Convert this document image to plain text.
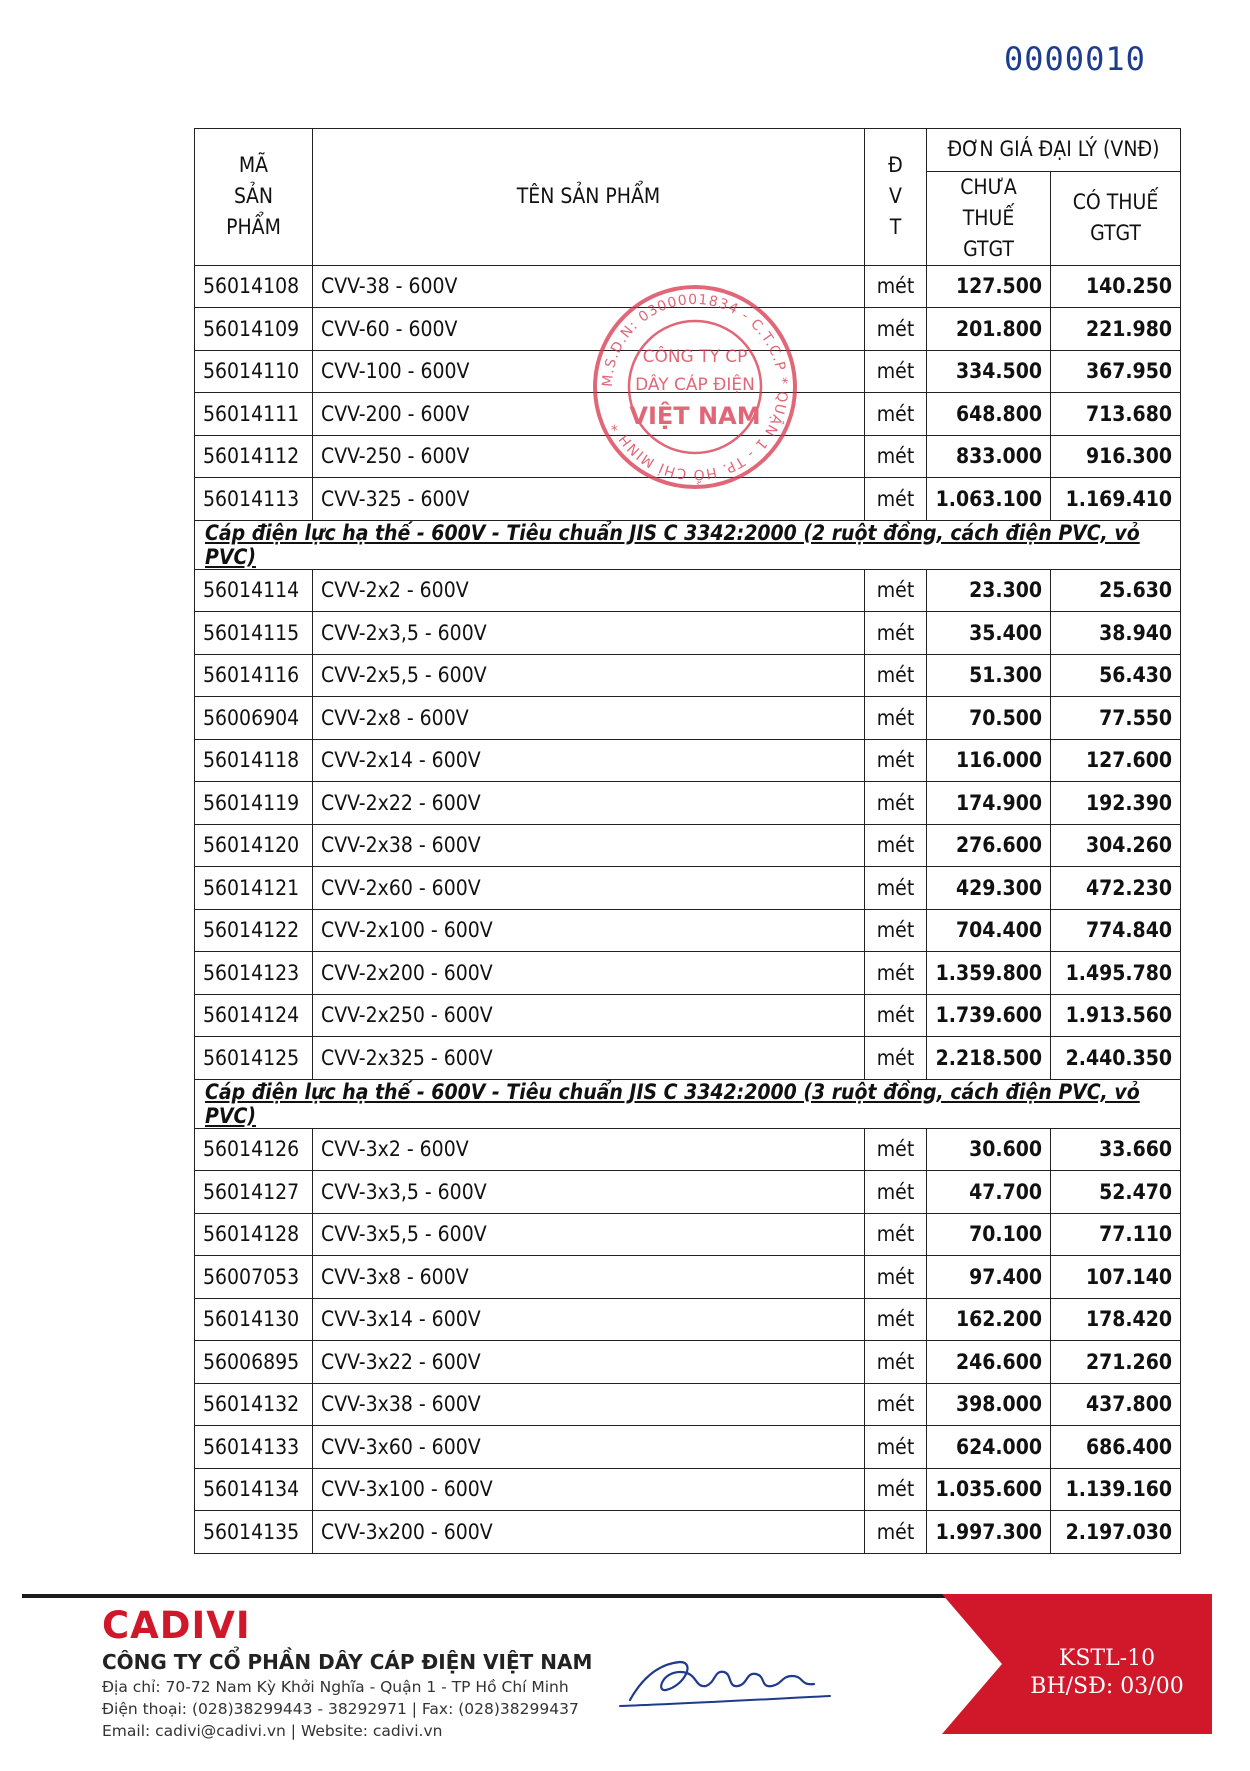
0000010
MÃ SẢN PHẨM	TÊN SẢN PHẨM	Đ V T	ĐƠN GIÁ ĐẠI LÝ (VNĐ)	
			CHƯA THUẾ GTGT	CÓ THUẾ GTGT
56014108	CVV-38 - 600V	mét	127.500	140.250
56014109	CVV-60 - 600V	mét	201.800	221.980
56014110	CVV-100 - 600V	mét	334.500	367.950
56014111	CVV-200 - 600V	mét	648.800	713.680
56014112	CVV-250 - 600V	mét	833.000	916.300
56014113	CVV-325 - 600V	mét	1.063.100	1.169.410
Cáp điện lực hạ thế - 600V - Tiêu chuẩn JIS C 3342:2000 (2 ruột đồng, cách điện PVC, vỏ PVC)				
56014114	CVV-2x2 - 600V	mét	23.300	25.630
56014115	CVV-2x3,5 - 600V	mét	35.400	38.940
56014116	CVV-2x5,5 - 600V	mét	51.300	56.430
56006904	CVV-2x8 - 600V	mét	70.500	77.550
56014118	CVV-2x14 - 600V	mét	116.000	127.600
56014119	CVV-2x22 - 600V	mét	174.900	192.390
56014120	CVV-2x38 - 600V	mét	276.600	304.260
56014121	CVV-2x60 - 600V	mét	429.300	472.230
56014122	CVV-2x100 - 600V	mét	704.400	774.840
56014123	CVV-2x200 - 600V	mét	1.359.800	1.495.780
56014124	CVV-2x250 - 600V	mét	1.739.600	1.913.560
56014125	CVV-2x325 - 600V	mét	2.218.500	2.440.350
Cáp điện lực hạ thế - 600V - Tiêu chuẩn JIS C 3342:2000 (3 ruột đồng, cách điện PVC, vỏ PVC)				
56014126	CVV-3x2 - 600V	mét	30.600	33.660
56014127	CVV-3x3,5 - 600V	mét	47.700	52.470
56014128	CVV-3x5,5 - 600V	mét	70.100	77.110
56007053	CVV-3x8 - 600V	mét	97.400	107.140
56014130	CVV-3x14 - 600V	mét	162.200	178.420
56006895	CVV-3x22 - 600V	mét	246.600	271.260
56014132	CVV-3x38 - 600V	mét	398.000	437.800
56014133	CVV-3x60 - 600V	mét	624.000	686.400
56014134	CVV-3x100 - 600V	mét	1.035.600	1.139.160
56014135	CVV-3x200 - 600V	mét	1.997.300	2.197.030
M.S.D.N: 0300001834 - C.T.C.P * QUẬN 1 - TP. HỒ CHÍ MINH *
CÔNG TY CP
DÂY CÁP ĐIỆN
VIỆT NAM
CADIVI
CÔNG TY CỔ PHẦN DÂY CÁP ĐIỆN VIỆT NAM
Địa chỉ: 70-72 Nam Kỳ Khởi Nghĩa - Quận 1 - TP Hồ Chí Minh
Điện thoại: (028)38299443 - 38292971 | Fax: (028)38299437
Email: cadivi@cadivi.vn | Website: cadivi.vn
KSTL-10
BH/SĐ: 03/00
